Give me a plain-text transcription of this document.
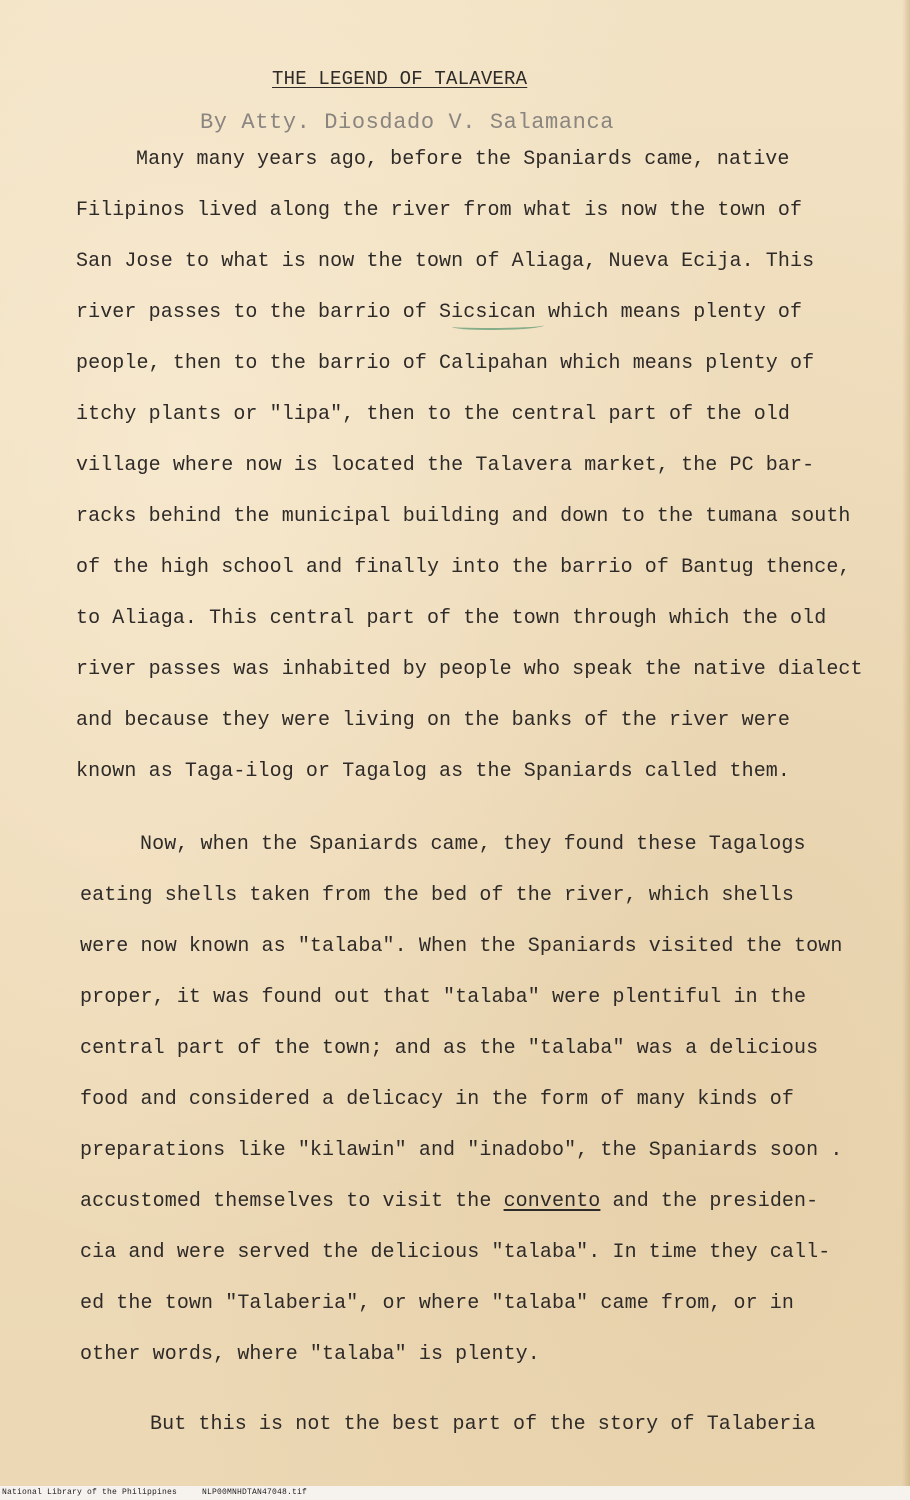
THE LEGEND OF TALAVERA
By Atty. Diosdado V. Salamanca
Many many years ago, before the Spaniards came, native
Filipinos lived along the river from what is now the town of
San Jose to what is now the town of Aliaga, Nueva Ecija. This
river passes to the barrio of Sicsican which means plenty of
people, then to the barrio of Calipahan which means plenty of
itchy plants or "lipa", then to the central part of the old
village where now is located the Talavera market, the PC bar-
racks behind the municipal building and down to the tumana south
of the high school and finally into the barrio of Bantug thence,
to Aliaga. This central part of the town through which the old
river passes was inhabited by people who speak the native dialect
and because they were living on the banks of the river were
known as Taga-ilog or Tagalog as the Spaniards called them.
Now, when the Spaniards came, they found these Tagalogs
eating shells taken from the bed of the river, which shells
were now known as "talaba". When the Spaniards visited the town
proper, it was found out that "talaba" were plentiful in the
central part of the town; and as the "talaba" was a delicious
food and considered a delicacy in the form of many kinds of
preparations like "kilawin" and "inadobo", the Spaniards soon .
accustomed themselves to visit the convento and the presiden-
cia and were served the delicious "talaba". In time they call-
ed the town "Talaberia", or where "talaba" came from, or in
other words, where "talaba" is plenty.
But this is not the best part of the story of Talaberia
National Library of the Philippines	NLP00MNHDTAN47048.tif
